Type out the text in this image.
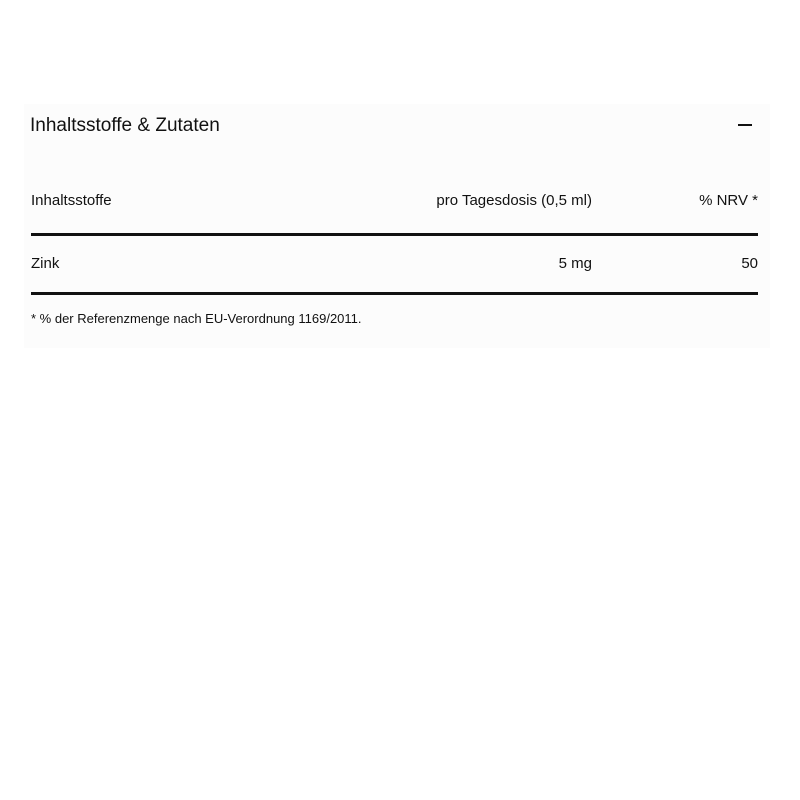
Inhaltsstoffe & Zutaten
Inhaltsstoffe	pro Tagesdosis (0,5 ml)	% NRV *
Zink	5 mg	50
* % der Referenzmenge nach EU-Verordnung 1169/2011.
